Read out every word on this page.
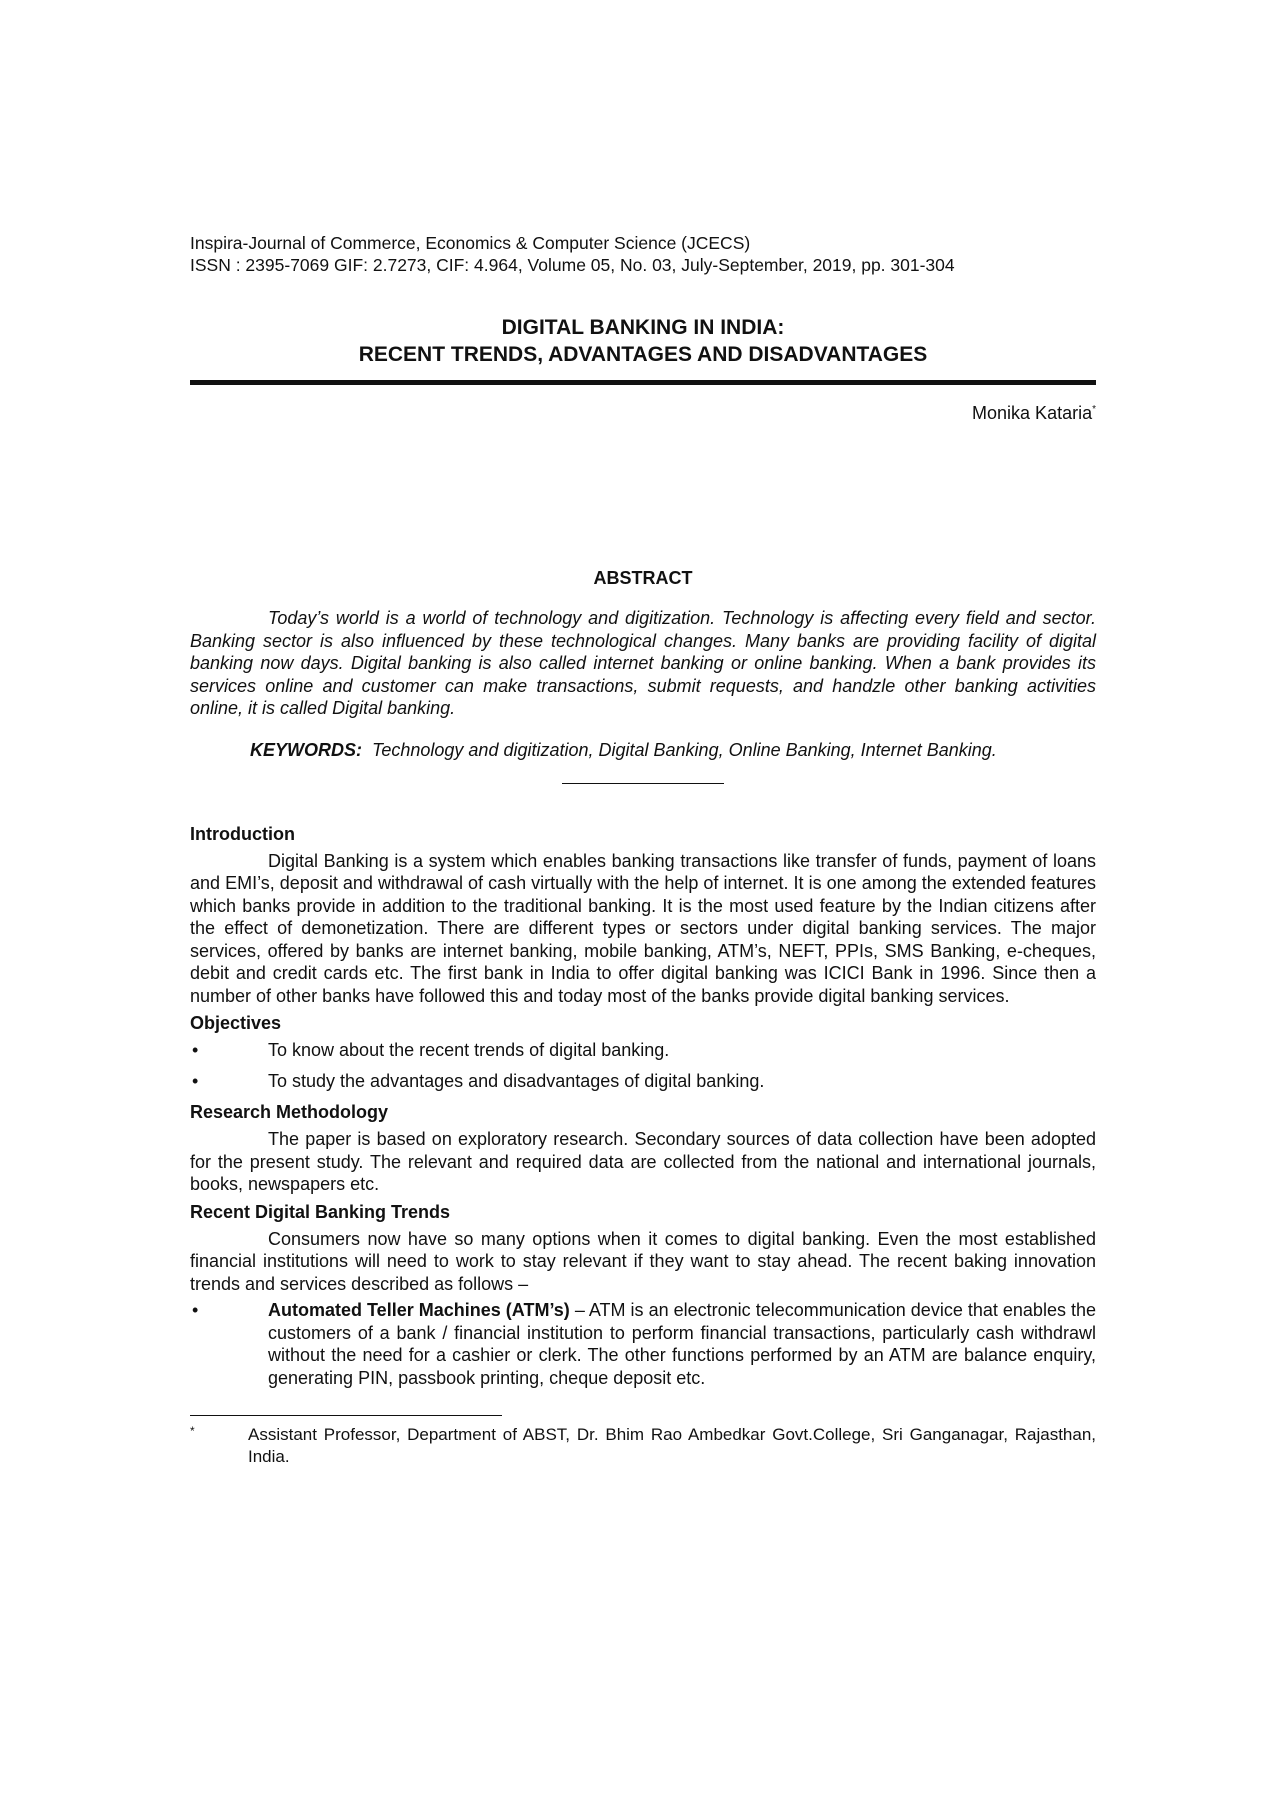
Inspira-Journal of Commerce, Economics & Computer Science (JCECS)

ISSN : 2395-7069 GIF: 2.7273, CIF: 4.964, Volume 05, No. 03, July-September, 2019, pp. 301-304

DIGITAL BANKING IN INDIA:

RECENT TRENDS, ADVANTAGES AND DISADVANTAGES

Monika Kataria*
ABSTRACT

Today’s world is a world of technology and digitization. Technology is affecting every field and sector. Banking sector is also influenced by these technological changes. Many banks are providing facility of digital banking now days. Digital banking is also called internet banking or online banking. When a bank provides its services online and customer can make transactions, submit requests, and handzle other banking activities online, it is called Digital banking.

KEYWORDS: Technology and digitization, Digital Banking, Online Banking, Internet Banking.
Introduction

Digital Banking is a system which enables banking transactions like transfer of funds, payment of loans and EMI’s, deposit and withdrawal of cash virtually with the help of internet. It is one among the extended features which banks provide in addition to the traditional banking. It is the most used feature by the Indian citizens after the effect of demonetization. There are different types or sectors under digital banking services. The major services, offered by banks are internet banking, mobile banking, ATM’s, NEFT, PPIs, SMS Banking, e-cheques, debit and credit cards etc. The first bank in India to offer digital banking was ICICI Bank in 1996. Since then a number of other banks have followed this and today most of the banks provide digital banking services.

Objectives
•	To know about the recent trends of digital banking.
•	To study the advantages and disadvantages of digital banking.
Research Methodology

The paper is based on exploratory research. Secondary sources of data collection have been adopted for the present study. The relevant and required data are collected from the national and international journals, books, newspapers etc.

Recent Digital Banking Trends

Consumers now have so many options when it comes to digital banking. Even the most established financial institutions will need to work to stay relevant if they want to stay ahead. The recent baking innovation trends and services described as follows –

•	Automated Teller Machines (ATM’s) – ATM is an electronic telecommunication device that enables the customers of a bank / financial institution to perform financial transactions, particularly cash withdrawl without the need for a cashier or clerk. The other functions performed by an ATM are balance enquiry, generating PIN, passbook printing, cheque deposit etc.
*	Assistant Professor, Department of ABST, Dr. Bhim Rao Ambedkar Govt.College, Sri Ganganagar, Rajasthan, India.
